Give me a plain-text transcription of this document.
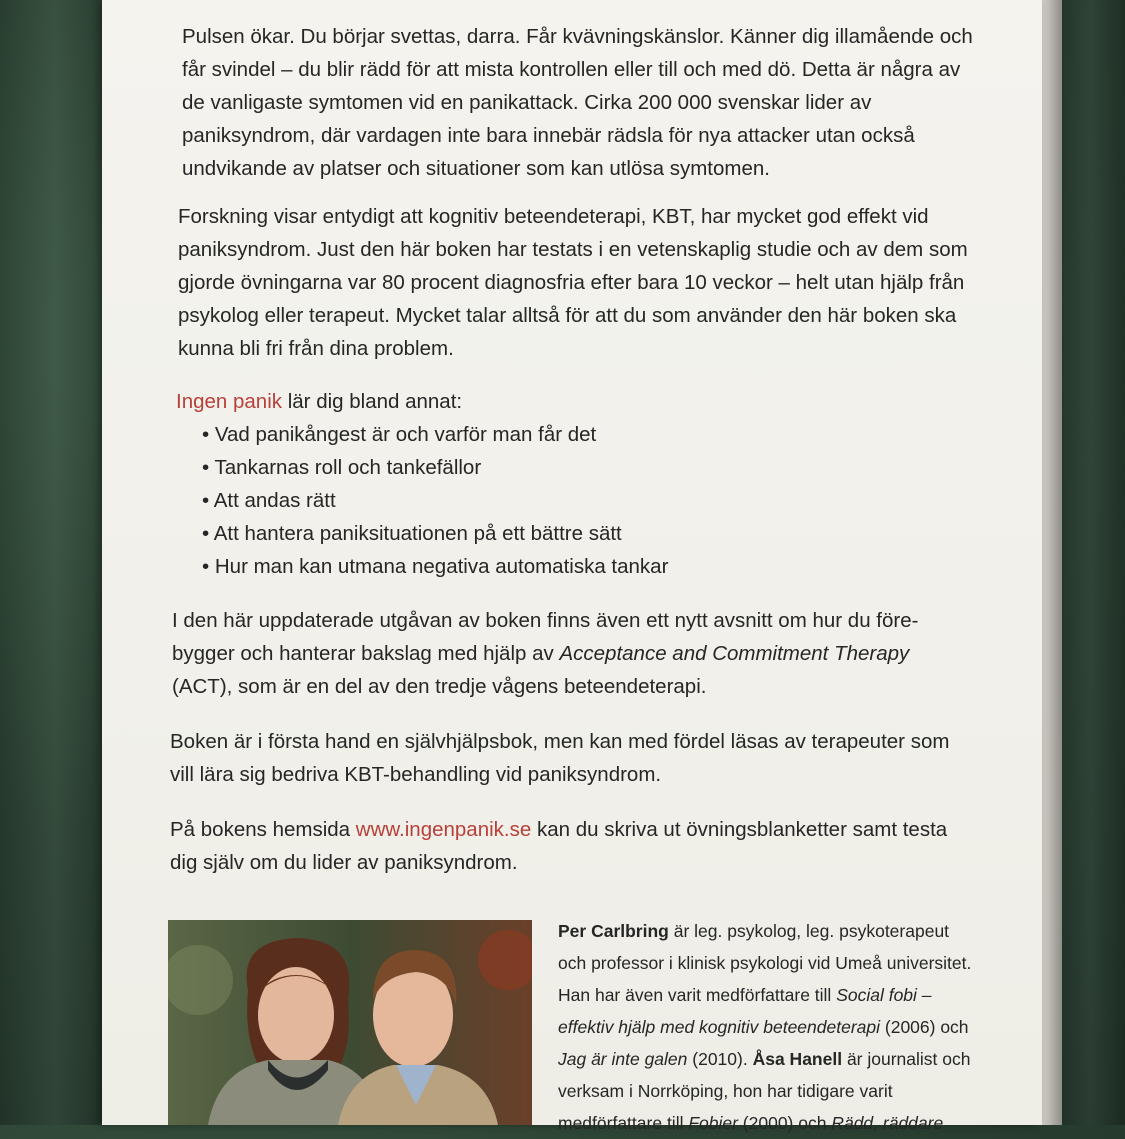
Pulsen ökar. Du börjar svettas, darra. Får kvävningskänslor. Känner dig illamående och får svindel – du blir rädd för att mista kontrollen eller till och med dö. Detta är några av de vanligaste symtomen vid en panikattack. Cirka 200 000 svenskar lider av paniksyndrom, där vardagen inte bara innebär rädsla för nya attacker utan också undvikande av platser och situationer som kan utlösa symtomen.

Forskning visar entydigt att kognitiv beteendeterapi, KBT, har mycket god effekt vid paniksyndrom. Just den här boken har testats i en vetenskaplig studie och av dem som gjorde övningarna var 80 procent diagnosfria efter bara 10 veckor – helt utan hjälp från psykolog eller terapeut. Mycket talar alltså för att du som använder den här boken ska kunna bli fri från dina problem.

Ingen panik lär dig bland annat:

• Vad panikångest är och varför man får det
• Tankarnas roll och tankefällor
• Att andas rätt
• Att hantera paniksituationen på ett bättre sätt
• Hur man kan utmana negativa automatiska tankar

I den här uppdaterade utgåvan av boken finns även ett nytt avsnitt om hur du före- bygger och hanterar bakslag med hjälp av Acceptance and Commitment Therapy (ACT), som är en del av den tredje vågens beteendeterapi.

Boken är i första hand en självhjälpsbok, men kan med fördel läsas av terapeuter som vill lära sig bedriva KBT-behandling vid paniksyndrom.

På bokens hemsida www.ingenpanik.se kan du skriva ut övningsblanketter samt testa dig själv om du lider av paniksyndrom.

Per Carlbring är leg. psykolog, leg. psykoterapeut och professor i klinisk psykologi vid Umeå universitet. Han har även varit medförfattare till Social fobi – effektiv hjälp med kognitiv beteendeterapi (2006) och Jag är inte galen (2010). Åsa Hanell är journalist och verksam i Norrköping, hon har tidigare varit medförfattare till Fobier (2000) och Rädd, räddare
